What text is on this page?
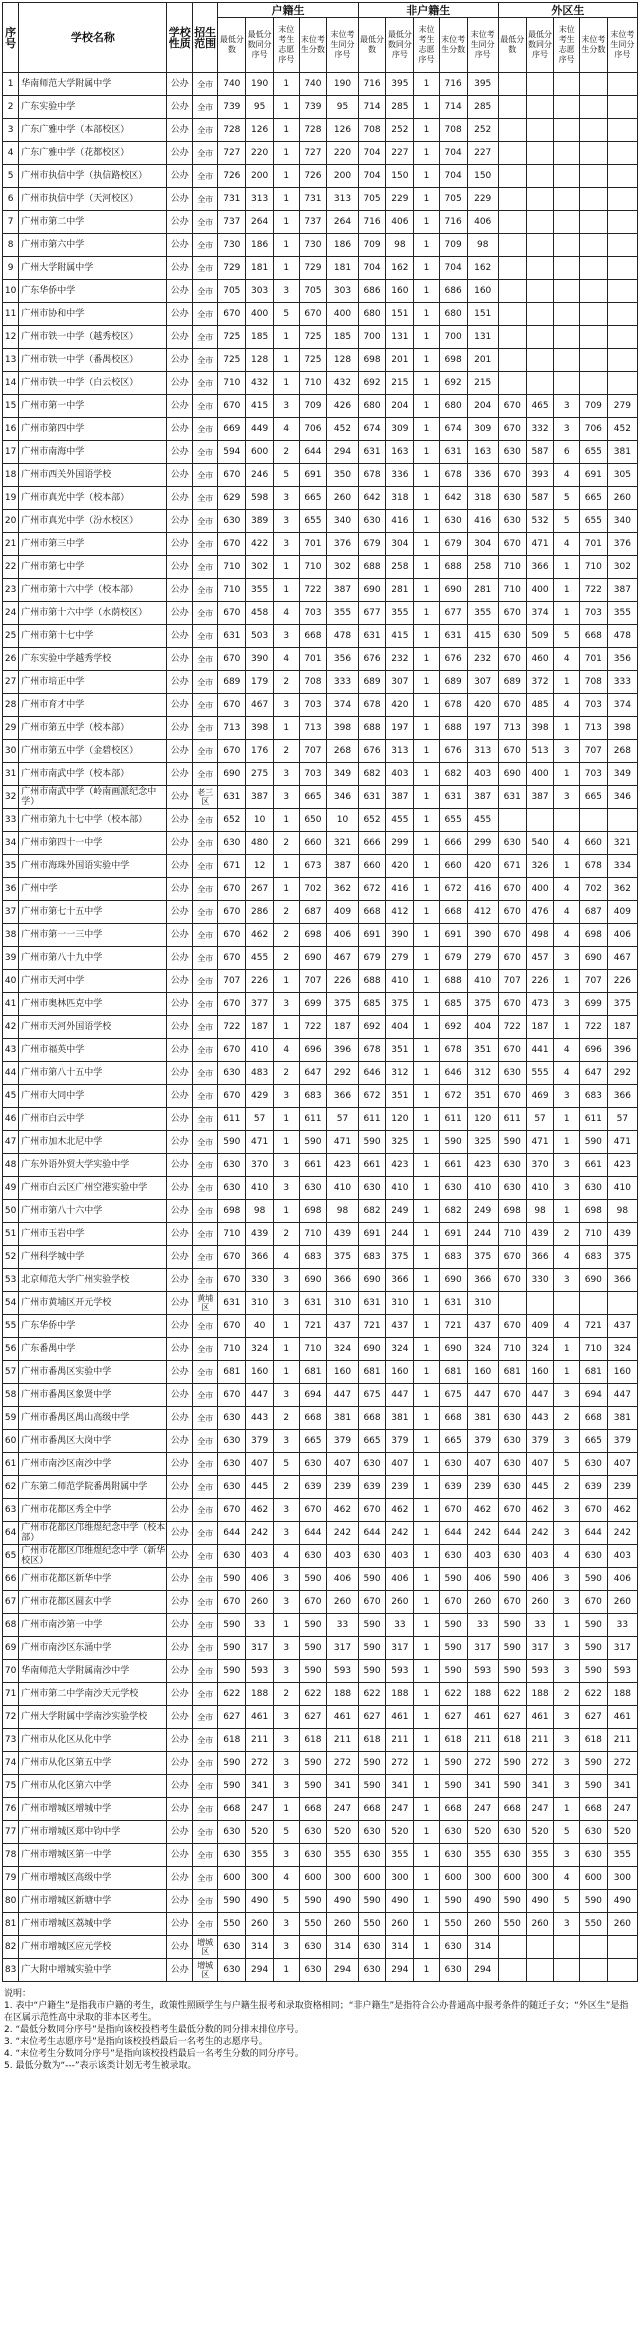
序号	学校名称	学校性质	招生范围	户籍生					非户籍生					外区生				
				最低分数	最低分数同分序号	末位考生志愿序号	末位考生分数	末位考生同分序号	最低分数	最低分数同分序号	末位考生志愿序号	末位考生分数	末位考生同分序号	最低分数	最低分数同分序号	末位考生志愿序号	末位考生分数	末位考生同分序号
1	华南师范大学附属中学	公办	全市	740	190	1	740	190	716	395	1	716	395					
2	广东实验中学	公办	全市	739	95	1	739	95	714	285	1	714	285					
3	广东广雅中学（本部校区）	公办	全市	728	126	1	728	126	708	252	1	708	252					
4	广东广雅中学（花都校区）	公办	全市	727	220	1	727	220	704	227	1	704	227					
5	广州市执信中学（执信路校区）	公办	全市	726	200	1	726	200	704	150	1	704	150					
6	广州市执信中学（天河校区）	公办	全市	731	313	1	731	313	705	229	1	705	229					
7	广州市第二中学	公办	全市	737	264	1	737	264	716	406	1	716	406					
8	广州市第六中学	公办	全市	730	186	1	730	186	709	98	1	709	98					
9	广州大学附属中学	公办	全市	729	181	1	729	181	704	162	1	704	162					
10	广东华侨中学	公办	全市	705	303	3	705	303	686	160	1	686	160					
11	广州市协和中学	公办	全市	670	400	5	670	400	680	151	1	680	151					
12	广州市铁一中学（越秀校区）	公办	全市	725	185	1	725	185	700	131	1	700	131					
13	广州市铁一中学（番禺校区）	公办	全市	725	128	1	725	128	698	201	1	698	201					
14	广州市铁一中学（白云校区）	公办	全市	710	432	1	710	432	692	215	1	692	215					
15	广州市第一中学	公办	全市	670	415	3	709	426	680	204	1	680	204	670	465	3	709	279
16	广州市第四中学	公办	全市	669	449	4	706	452	674	309	1	674	309	670	332	3	706	452
17	广州市南海中学	公办	全市	594	600	2	644	294	631	163	1	631	163	630	587	6	655	381
18	广州市西关外国语学校	公办	全市	670	246	5	691	350	678	336	1	678	336	670	393	4	691	305
19	广州市真光中学（校本部）	公办	全市	629	598	3	665	260	642	318	1	642	318	630	587	5	665	260
20	广州市真光中学（汾水校区）	公办	全市	630	389	3	655	340	630	416	1	630	416	630	532	5	655	340
21	广州市第三中学	公办	全市	670	422	3	701	376	679	304	1	679	304	670	471	4	701	376
22	广州市第七中学	公办	全市	710	302	1	710	302	688	258	1	688	258	710	366	1	710	302
23	广州市第十六中学（校本部）	公办	全市	710	355	1	722	387	690	281	1	690	281	710	400	1	722	387
24	广州市第十六中学（水荫校区）	公办	全市	670	458	4	703	355	677	355	1	677	355	670	374	1	703	355
25	广州市第十七中学	公办	全市	631	503	3	668	478	631	415	1	631	415	630	509	5	668	478
26	广东实验中学越秀学校	公办	全市	670	390	4	701	356	676	232	1	676	232	670	460	4	701	356
27	广州市培正中学	公办	全市	689	179	2	708	333	689	307	1	689	307	689	372	1	708	333
28	广州市育才中学	公办	全市	670	467	3	703	374	678	420	1	678	420	670	485	4	703	374
29	广州市第五中学（校本部）	公办	全市	713	398	1	713	398	688	197	1	688	197	713	398	1	713	398
30	广州市第五中学（金碧校区）	公办	全市	670	176	2	707	268	676	313	1	676	313	670	513	3	707	268
31	广州市南武中学（校本部）	公办	全市	690	275	3	703	349	682	403	1	682	403	690	400	1	703	349
32	广州市南武中学（岭南画派纪念中学）	公办	老三区	631	387	3	665	346	631	387	1	631	387	631	387	3	665	346
33	广州市第九十七中学（校本部）	公办	全市	652	10	1	650	10	652	455	1	655	455					
34	广州市第四十一中学	公办	全市	630	480	2	660	321	666	299	1	666	299	630	540	4	660	321
35	广州市海珠外国语实验中学	公办	全市	671	12	1	673	387	660	420	1	660	420	671	326	1	678	334
36	广州中学	公办	全市	670	267	1	702	362	672	416	1	672	416	670	400	4	702	362
37	广州市第七十五中学	公办	全市	670	286	2	687	409	668	412	1	668	412	670	476	4	687	409
38	广州市第一一三中学	公办	全市	670	462	2	698	406	691	390	1	691	390	670	498	4	698	406
39	广州市第八十九中学	公办	全市	670	455	2	690	467	679	279	1	679	279	670	457	3	690	467
40	广州市天河中学	公办	全市	707	226	1	707	226	688	410	1	688	410	707	226	1	707	226
41	广州市奥林匹克中学	公办	全市	670	377	3	699	375	685	375	1	685	375	670	473	3	699	375
42	广州市天河外国语学校	公办	全市	722	187	1	722	187	692	404	1	692	404	722	187	1	722	187
43	广州市福英中学	公办	全市	670	410	4	696	396	678	351	1	678	351	670	441	4	696	396
44	广州市第八十五中学	公办	全市	630	483	2	647	292	646	312	1	646	312	630	555	4	647	292
45	广州市大同中学	公办	全市	670	429	3	683	366	672	351	1	672	351	670	469	3	683	366
46	广州市白云中学	公办	全市	611	57	1	611	57	611	120	1	611	120	611	57	1	611	57
47	广州市加木北尼中学	公办	全市	590	471	1	590	471	590	325	1	590	325	590	471	1	590	471
48	广东外语外贸大学实验中学	公办	全市	630	370	3	661	423	661	423	1	661	423	630	370	3	661	423
49	广州市白云区广州空港实验中学	公办	全市	630	410	3	630	410	630	410	1	630	410	630	410	3	630	410
50	广州市第八十六中学	公办	全市	698	98	1	698	98	682	249	1	682	249	698	98	1	698	98
51	广州市玉岩中学	公办	全市	710	439	2	710	439	691	244	1	691	244	710	439	2	710	439
52	广州科学城中学	公办	全市	670	366	4	683	375	683	375	1	683	375	670	366	4	683	375
53	北京师范大学广州实验学校	公办	全市	670	330	3	690	366	690	366	1	690	366	670	330	3	690	366
54	广州市黄埔区开元学校	公办	黄埔区	631	310	3	631	310	631	310	1	631	310					
55	广东华侨中学	公办	全市	670	40	1	721	437	721	437	1	721	437	670	409	4	721	437
56	广东番禺中学	公办	全市	710	324	1	710	324	690	324	1	690	324	710	324	1	710	324
57	广州市番禺区实验中学	公办	全市	681	160	1	681	160	681	160	1	681	160	681	160	1	681	160
58	广州市番禺区象贤中学	公办	全市	670	447	3	694	447	675	447	1	675	447	670	447	3	694	447
59	广州市番禺区禺山高级中学	公办	全市	630	443	2	668	381	668	381	1	668	381	630	443	2	668	381
60	广州市番禺区大岗中学	公办	全市	630	379	3	665	379	665	379	1	665	379	630	379	3	665	379
61	广州市南沙区南沙中学	公办	全市	630	407	5	630	407	630	407	1	630	407	630	407	5	630	407
62	广东第二师范学院番禺附属中学	公办	全市	630	445	2	639	239	639	239	1	639	239	630	445	2	639	239
63	广州市花都区秀全中学	公办	全市	670	462	3	670	462	670	462	1	670	462	670	462	3	670	462
64	广州市花都区邝维煜纪念中学（校本部）	公办	全市	644	242	3	644	242	644	242	1	644	242	644	242	3	644	242
65	广州市花都区邝维煜纪念中学（新华校区）	公办	全市	630	403	4	630	403	630	403	1	630	403	630	403	4	630	403
66	广州市花都区新华中学	公办	全市	590	406	3	590	406	590	406	1	590	406	590	406	3	590	406
67	广州市花都区圆玄中学	公办	全市	670	260	3	670	260	670	260	1	670	260	670	260	3	670	260
68	广州市南沙第一中学	公办	全市	590	33	1	590	33	590	33	1	590	33	590	33	1	590	33
69	广州市南沙区东涌中学	公办	全市	590	317	3	590	317	590	317	1	590	317	590	317	3	590	317
70	华南师范大学附属南沙中学	公办	全市	590	593	3	590	593	590	593	1	590	593	590	593	3	590	593
71	广州市第二中学南沙天元学校	公办	全市	622	188	2	622	188	622	188	1	622	188	622	188	2	622	188
72	广州大学附属中学南沙实验学校	公办	全市	627	461	3	627	461	627	461	1	627	461	627	461	3	627	461
73	广州市从化区从化中学	公办	全市	618	211	3	618	211	618	211	1	618	211	618	211	3	618	211
74	广州市从化区第五中学	公办	全市	590	272	3	590	272	590	272	1	590	272	590	272	3	590	272
75	广州市从化区第六中学	公办	全市	590	341	3	590	341	590	341	1	590	341	590	341	3	590	341
76	广州市增城区增城中学	公办	全市	668	247	1	668	247	668	247	1	668	247	668	247	1	668	247
77	广州市增城区郑中钧中学	公办	全市	630	520	5	630	520	630	520	1	630	520	630	520	5	630	520
78	广州市增城区第一中学	公办	全市	630	355	3	630	355	630	355	1	630	355	630	355	3	630	355
79	广州市增城区高级中学	公办	全市	600	300	4	600	300	600	300	1	600	300	600	300	4	600	300
80	广州市增城区新塘中学	公办	全市	590	490	5	590	490	590	490	1	590	490	590	490	5	590	490
81	广州市增城区荔城中学	公办	全市	550	260	3	550	260	550	260	1	550	260	550	260	3	550	260
82	广州市增城区应元学校	公办	增城区	630	314	3	630	314	630	314	1	630	314					
83	广大附中增城实验中学	公办	增城区	630	294	1	630	294	630	294	1	630	294					
说明：
1. 表中“户籍生”是指我市户籍的考生，政策性照顾学生与户籍生报考和录取资格相同；“非户籍生”是指符合公办普通高中报考条件的随迁子女；“外区生”是指在区属示范性高中录取的非本区考生。
2. “最低分数同分序号”是指向该校投档考生最低分数的同分排末排位序号。
3. “末位考生志愿序号”是指向该校投档最后一名考生的志愿序号。
4. “末位考生分数同分序号”是指向该校投档最后一名考生分数的同分序号。
5. 最低分数为“---”表示该类计划无考生被录取。
